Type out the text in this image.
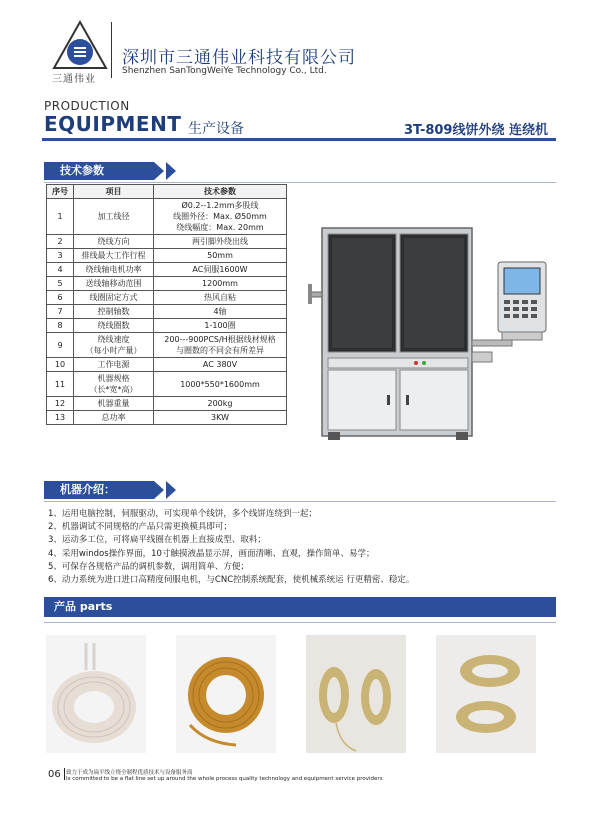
三通伟业
深圳市三通伟业科技有限公司
Shenzhen SanTongWeiYe Technology Co., Ltd.
PRODUCTION
EQUIPMENT 生产设备	3T-809线饼外绕 连绕机
技术参数
序号	项目	技术参数
1	加工线径	Ø0.2--1.2mm多股线
线圈外径：Max. Ø50mm
绕线幅度：Max. 20mm
2	绕线方向	两引脚外绕出线
3	排线最大工作行程	50mm
4	绕线轴电机功率	AC伺服1600W
5	送线轴移动范围	1200mm
6	线圈固定方式	热风自粘
7	控制轴数	4轴
8	绕线圈数	1-100圈
9	绕线速度
（每小时产量）	200---900PCS/H根据线材规格
与圈数的不同会有所差异
10	工作电源	AC 380V
11	机器规格
（长*宽*高）	1000*550*1600mm
12	机器重量	200kg
13	总功率	3KW
机器介绍：
1、运用电脑控制，伺服驱动，可实现单个线饼，多个线饼连绕到一起；
2、机器调试不同规格的产品只需更换模具即可；
3、运动多工位，可将扁平线圈在机器上直接成型、取料；
4、采用windos操作界面，10寸触摸液晶显示屏，画面清晰、直观，操作简单、易学；
5、可保存各规格产品的调机参数，调用简单、方便；
6、动力系统为进口进口高精度伺服电机，与CNC控制系统配套，使机械系统运 行更精密、稳定。
产品 parts
06 致力于成为扁平线立绕全制程优质技术与设备服务商
Is committed to be a flat line set up around the whole process quality technology and equipment service providers
